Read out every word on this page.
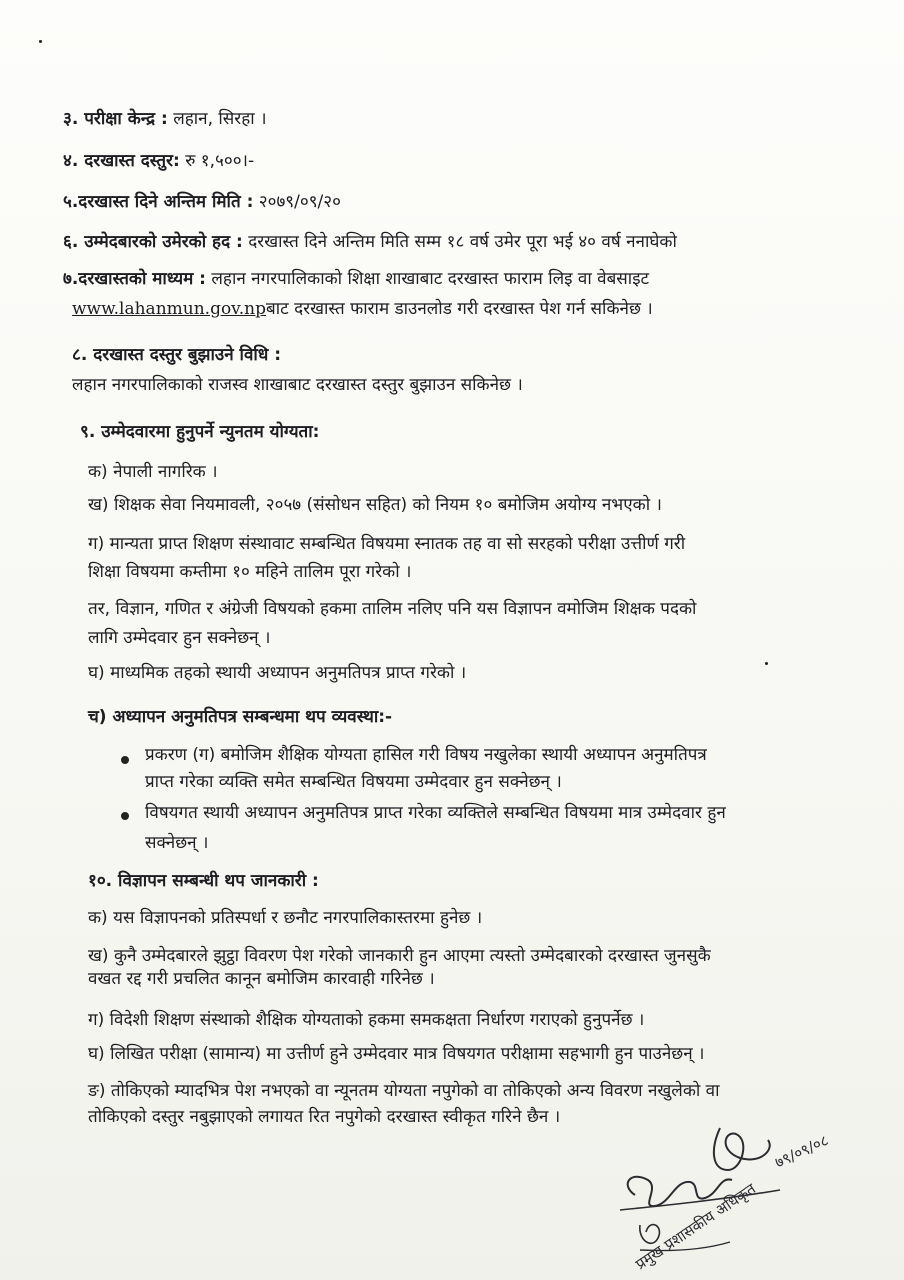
३. परीक्षा केन्द्र : लहान, सिरहा ।
४. दरखास्त दस्तुर: रु १,५००।-
५.दरखास्त दिने अन्तिम मिति : २०७९/०९/२०
६. उम्मेदबारको उमेरको हद : दरखास्त दिने अन्तिम मिति सम्म १८ वर्ष उमेर पूरा भई ४० वर्ष ननाघेको
७.दरखास्तको माध्यम : लहान नगरपालिकाको शिक्षा शाखाबाट दरखास्त फाराम लिइ वा वेबसाइट
www.lahanmun.gov.npबाट दरखास्त फाराम डाउनलोड गरी दरखास्त पेश गर्न सकिनेछ ।
८. दरखास्त दस्तुर बुझाउने विधि :
लहान नगरपालिकाको राजस्व शाखाबाट दरखास्त दस्तुर बुझाउन सकिनेछ ।
९. उम्मेदवारमा हुनुपर्ने न्युनतम योग्यता:
क) नेपाली नागरिक ।
ख) शिक्षक सेवा नियमावली, २०५७ (संसोधन सहित) को नियम १० बमोजिम अयोग्य नभएको ।
ग) मान्यता प्राप्त शिक्षण संस्थावाट सम्बन्धित विषयमा स्नातक तह वा सो सरहको परीक्षा उत्तीर्ण गरी
शिक्षा विषयमा कम्तीमा १० महिने तालिम पूरा गरेको ।
तर, विज्ञान, गणित र अंग्रेजी विषयको हकमा तालिम नलिए पनि यस विज्ञापन वमोजिम शिक्षक पदको
लागि उम्मेदवार हुन सक्नेछन् ।
घ) माध्यमिक तहको स्थायी अध्यापन अनुमतिपत्र प्राप्त गरेको ।
च) अध्यापन अनुमतिपत्र सम्बन्धमा थप व्यवस्था:-
प्रकरण (ग) बमोजिम शैक्षिक योग्यता हासिल गरी विषय नखुलेका स्थायी अध्यापन अनुमतिपत्र
प्राप्त गरेका व्यक्ति समेत सम्बन्धित विषयमा उम्मेदवार हुन सक्नेछन् ।
विषयगत स्थायी अध्यापन अनुमतिपत्र प्राप्त गरेका व्यक्तिले सम्बन्धित विषयमा मात्र उम्मेदवार हुन
सक्नेछन् ।
१०. विज्ञापन सम्बन्धी थप जानकारी :
क) यस विज्ञापनको प्रतिस्पर्धा र छनौट नगरपालिकास्तरमा हुनेछ ।
ख) कुनै उम्मेदबारले झुट्ठा विवरण पेश गरेको जानकारी हुन आएमा त्यस्तो उम्मेदबारको दरखास्त जुनसुकै
वखत रद्द गरी प्रचलित कानून बमोजिम कारवाही गरिनेछ ।
ग) विदेशी शिक्षण संस्थाको शैक्षिक योग्यताको हकमा समकक्षता निर्धारण गराएको हुनुपर्नेछ ।
घ) लिखित परीक्षा (सामान्य) मा उत्तीर्ण हुने उम्मेदवार मात्र विषयगत परीक्षामा सहभागी हुन पाउनेछन् ।
ङ) तोकिएको म्यादभित्र पेश नभएको वा न्यूनतम योग्यता नपुगेको वा तोकिएको अन्य विवरण नखुलेको वा
तोकिएको दस्तुर नबुझाएको लगायत रित नपुगेको दरखास्त स्वीकृत गरिने छैन ।
७९/०९/०८
प्रमुख प्रशासकीय अधिकृत
